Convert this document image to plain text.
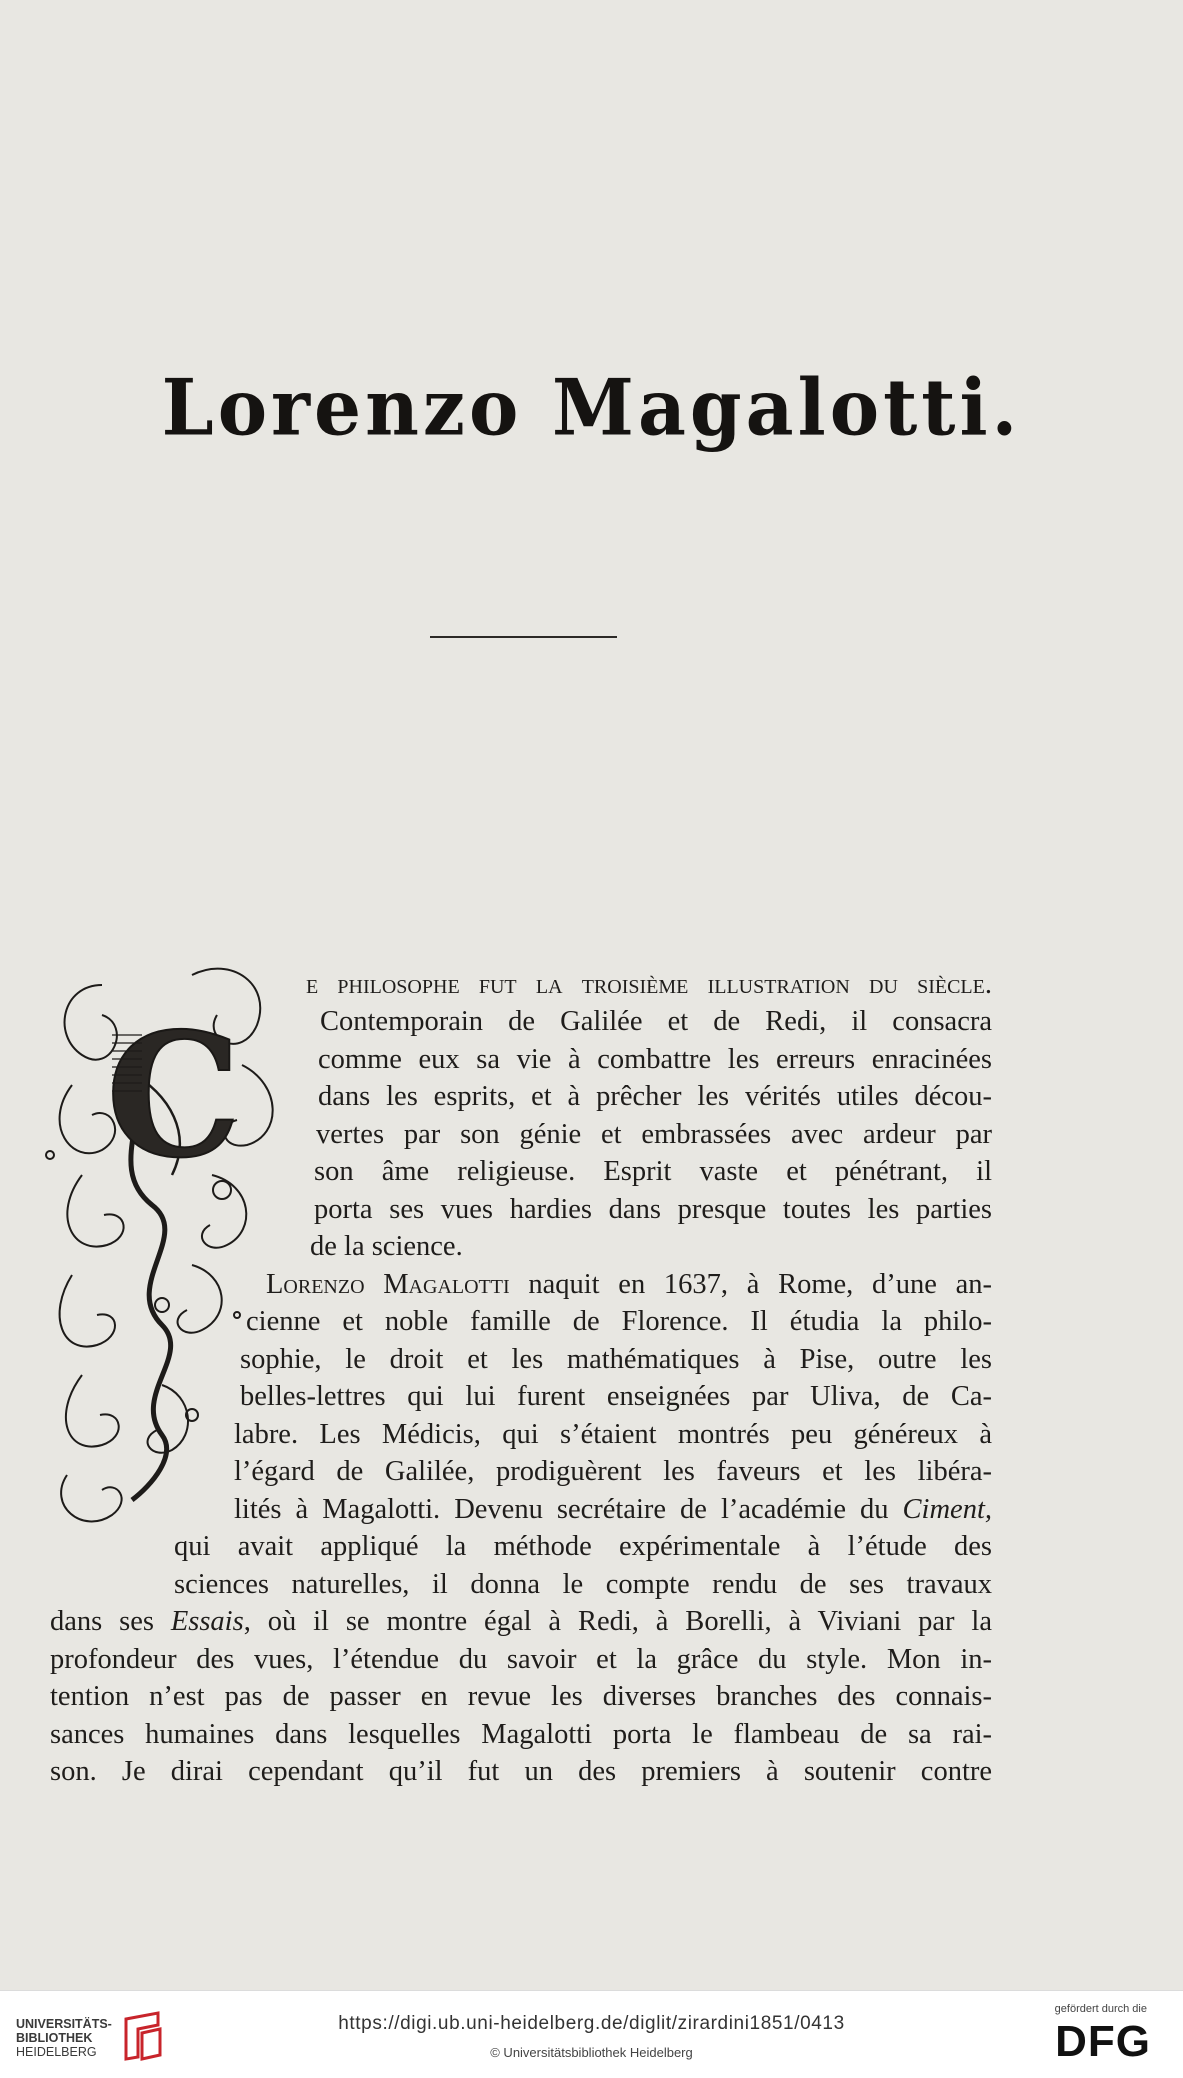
Lorenzo Magalotti.
C
e philosophe fut la troisième illustration du siècle.
Contemporain de Galilée et de Redi, il consacra
comme eux sa vie à combattre les erreurs enracinées
dans les esprits, et à prêcher les vérités utiles décou-
vertes par son génie et embrassées avec ardeur par
son âme religieuse. Esprit vaste et pénétrant, il
porta ses vues hardies dans presque toutes les parties
de la science.
Lorenzo Magalotti naquit en 1637, à Rome, d’une an-
cienne et noble famille de Florence. Il étudia la philo-
sophie, le droit et les mathématiques à Pise, outre les
belles-lettres qui lui furent enseignées par Uliva, de Ca-
labre. Les Médicis, qui s’étaient montrés peu généreux à
l’égard de Galilée, prodiguèrent les faveurs et les libéra-
lités à Magalotti. Devenu secrétaire de l’académie du Ciment,
qui avait appliqué la méthode expérimentale à l’étude des
sciences naturelles, il donna le compte rendu de ses travaux
dans ses Essais, où il se montre égal à Redi, à Borelli, à Viviani par la
profondeur des vues, l’étendue du savoir et la grâce du style. Mon in-
tention n’est pas de passer en revue les diverses branches des connais-
sances humaines dans lesquelles Magalotti porta le flambeau de sa rai-
son. Je dirai cependant qu’il fut un des premiers à soutenir contre
UNIVERSITÄTS-
BIBLIOTHEK
HEIDELBERG
https://digi.ub.uni-heidelberg.de/diglit/zirardini1851/0413
© Universitätsbibliothek Heidelberg
gefördert durch die
DFG
